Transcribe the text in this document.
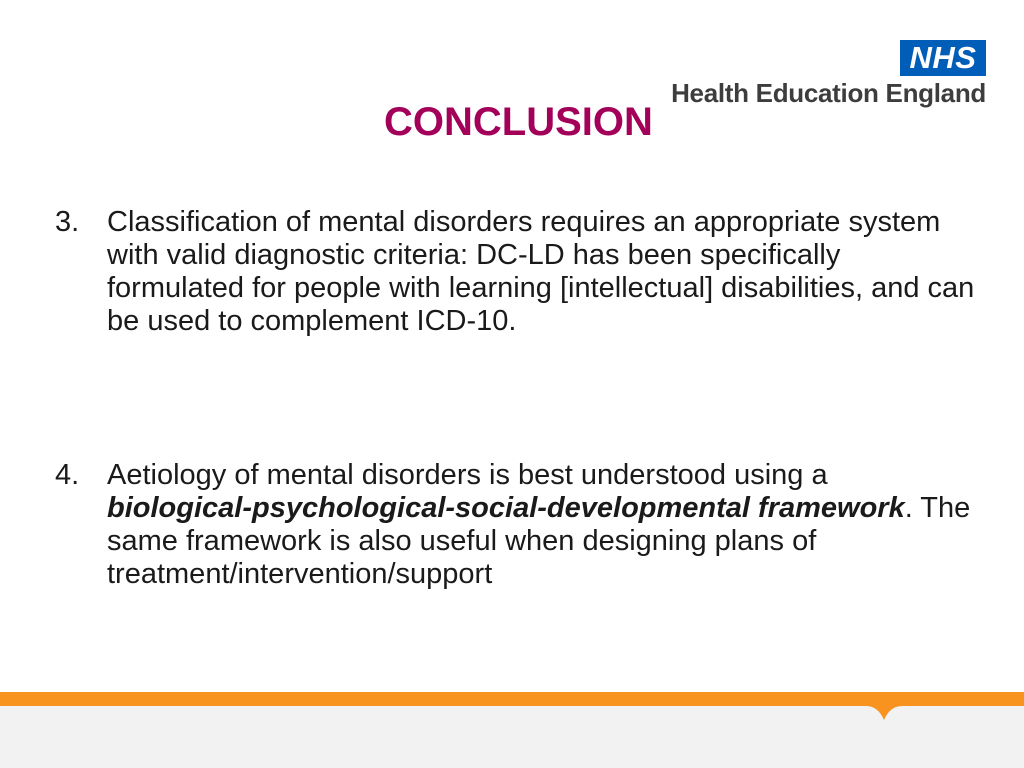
NHS
Health Education England
CONCLUSION
3. Classification of mental disorders requires an appropriate system with valid diagnostic criteria: DC-LD has been specifically formulated for people with learning [intellectual] disabilities, and can be used to complement ICD-10.
4. Aetiology of mental disorders is best understood using a biological-psychological-social-developmental framework. The same framework is also useful when designing plans of treatment/intervention/support
